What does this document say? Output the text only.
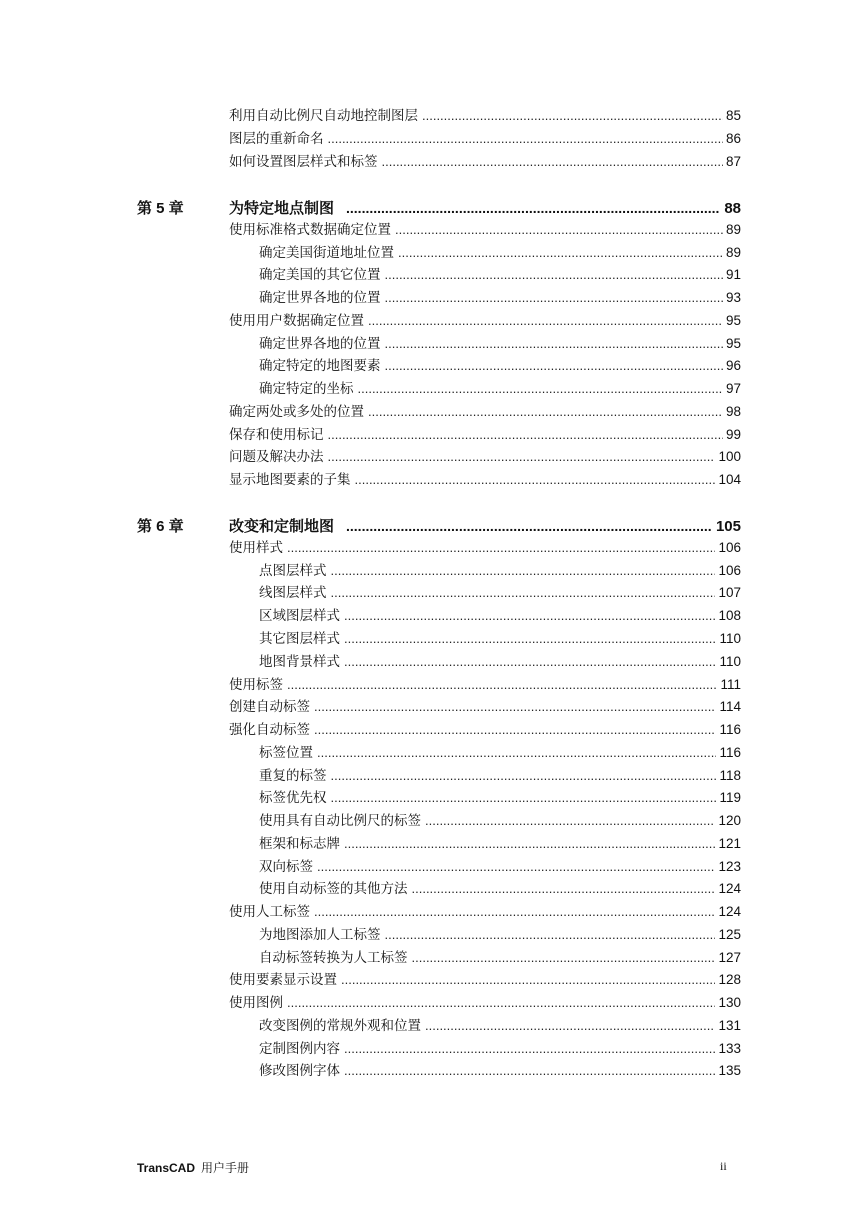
利用自动比例尺自动地控制图层 .....	85
图层的重新命名 .....	86
如何设置图层样式和标签 .....	87
第 5 章	为特定地点制图 .....	88
使用标准格式数据确定位置 .....	89
确定美国街道地址位置 .....	89
确定美国的其它位置 .....	91
确定世界各地的位置 .....	93
使用用户数据确定位置 .....	95
确定世界各地的位置 .....	95
确定特定的地图要素 .....	96
确定特定的坐标 .....	97
确定两处或多处的位置 .....	98
保存和使用标记 .....	99
问题及解决办法 .....	100
显示地图要素的子集 .....	104
第 6 章	改变和定制地图 .....	105
使用样式 .....	106
点图层样式 .....	106
线图层样式 .....	107
区域图层样式 .....	108
其它图层样式 .....	110
地图背景样式 .....	110
使用标签 .....	111
创建自动标签 .....	114
强化自动标签 .....	116
标签位置 .....	116
重复的标签 .....	118
标签优先权 .....	119
使用具有自动比例尺的标签 .....	120
框架和标志牌 .....	121
双向标签 .....	123
使用自动标签的其他方法 .....	124
使用人工标签 .....	124
为地图添加人工标签 .....	125
自动标签转换为人工标签 .....	127
使用要素显示设置 .....	128
使用图例 .....	130
改变图例的常规外观和位置 .....	131
定制图例内容 .....	133
修改图例字体 .....	135
TransCAD 用户手册	ii
